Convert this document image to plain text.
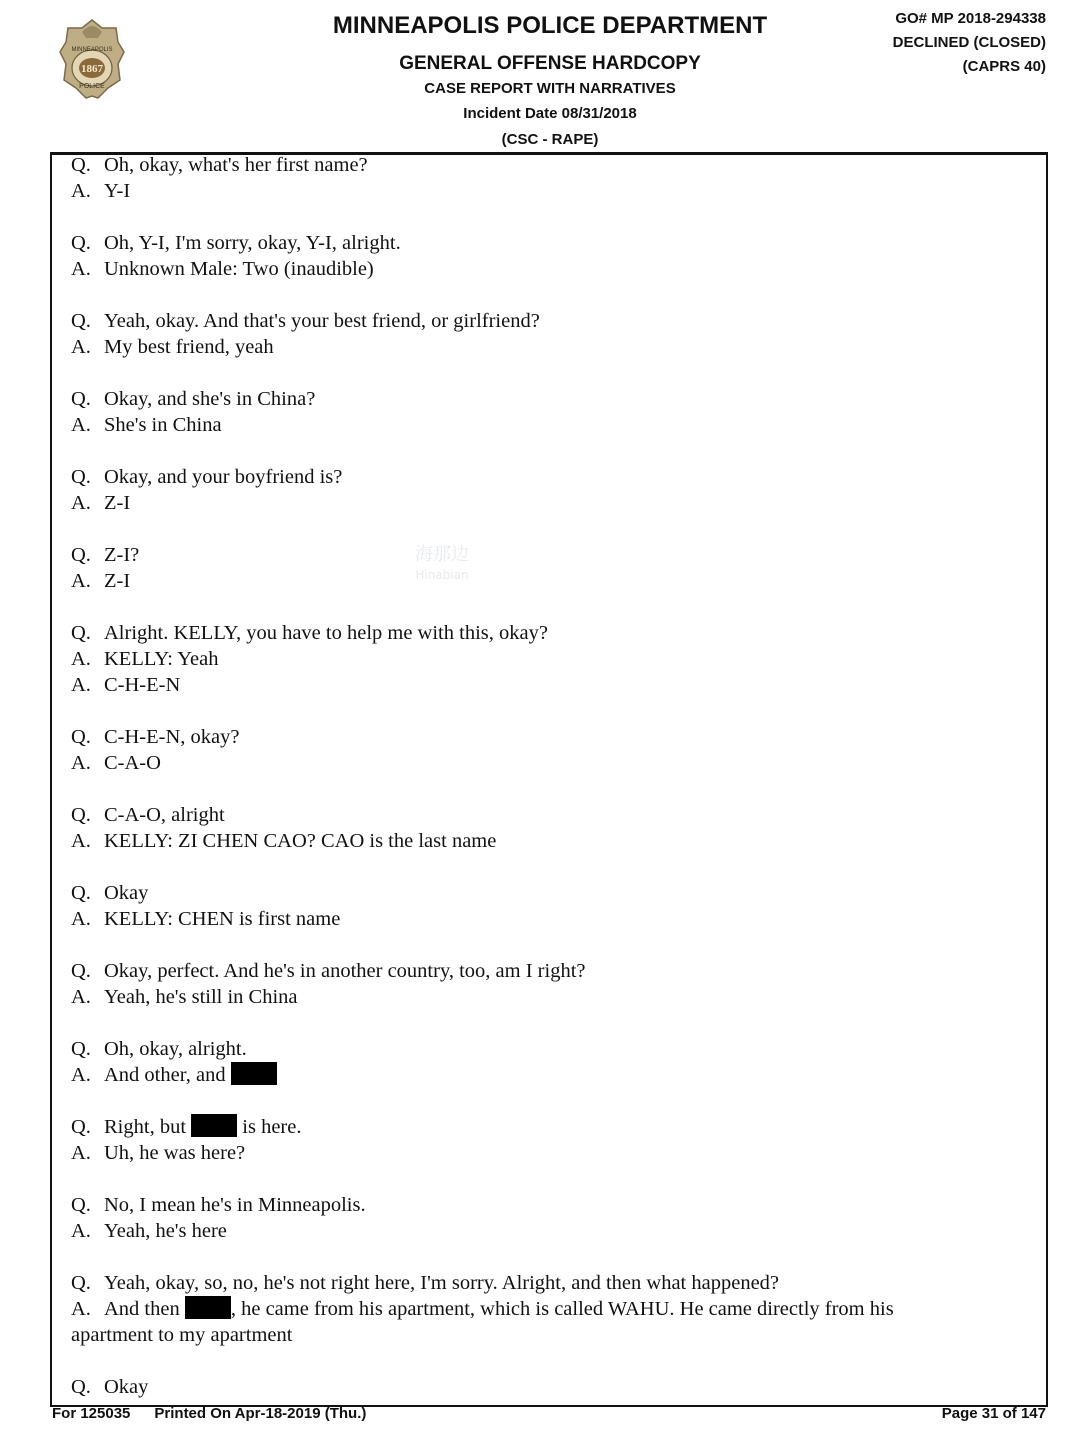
1867
MINNEAPOLIS
POLICE
MINNEAPOLIS POLICE DEPARTMENT
GENERAL OFFENSE HARDCOPY
CASE REPORT WITH NARRATIVES
Incident Date 08/31/2018
(CSC - RAPE)
GO# MP 2018-294338
DECLINED (CLOSED)
(CAPRS 40)
Q. Oh, okay, what's her first name?
A. Y-I
Q. Oh, Y-I, I'm sorry, okay, Y-I, alright.
A. Unknown Male: Two (inaudible)
Q. Yeah, okay. And that's your best friend, or girlfriend?
A. My best friend, yeah
Q. Okay, and she's in China?
A. She's in China
Q. Okay, and your boyfriend is?
A. Z-I
Q. Z-I?
A. Z-I
Q. Alright. KELLY, you have to help me with this, okay?
A. KELLY: Yeah
A. C-H-E-N
Q. C-H-E-N, okay?
A. C-A-O
Q. C-A-O, alright
A. KELLY: ZI CHEN CAO? CAO is the last name
Q. Okay
A. KELLY: CHEN is first name
Q. Okay, perfect. And he's in another country, too, am I right?
A. Yeah, he's still in China
Q. Oh, okay, alright.
A. And other, and
Q. Right, but  is here.
A. Uh, he was here?
Q. No, I mean he's in Minneapolis.
A. Yeah, he's here
Q. Yeah, okay, so, no, he's not right here, I'm sorry. Alright, and then what happened?
A. And then , he came from his apartment, which is called WAHU. He came directly from his
apartment to my apartment
Q. Okay
海那边
Hinabian
For 125035 Printed On Apr-18-2019 (Thu.)	Page 31 of 147
